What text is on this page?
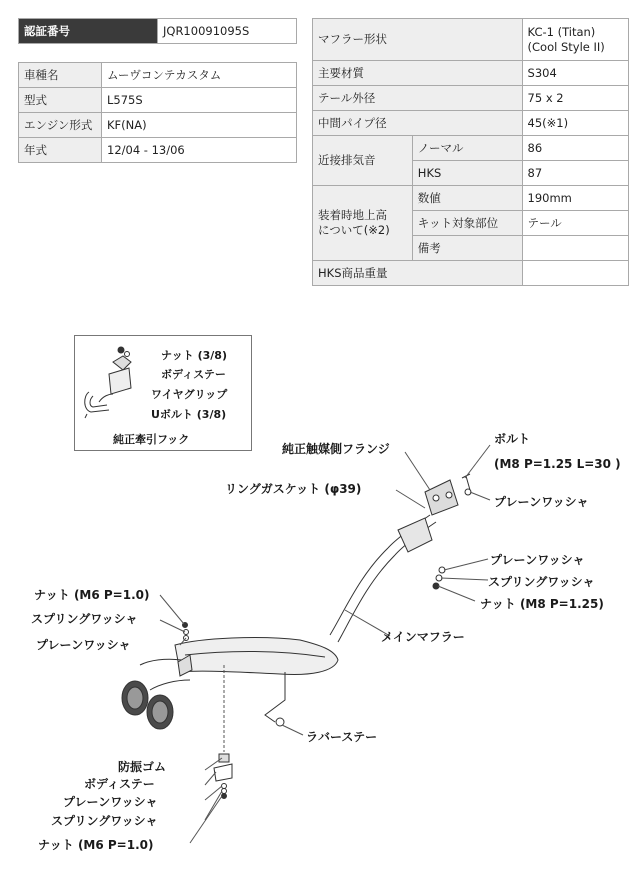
認証番号	JQR10091095S
車種名	ムーヴコンテカスタム
型式	L575S
エンジン形式	KF(NA)
年式	12/04 - 13/06
マフラー形状		KC-1 (Titan)
(Cool Style II)

主要材質		S304
テール外径		75 x 2
中間パイプ径		45(※1)
近接排気音	ノーマル	86
	HKS	87

装着時地上高
について(※2)	数値	190mm
	キット対象部位	テール
	備考	
HKS商品重量		
ナット (3/8)
ボディステー
ワイヤグリップ
Uボルト (3/8)
純正牽引フック
純正触媒側フランジ
ボルト
(M8 P=1.25 L=30 )
リングガスケット (φ39)
プレーンワッシャ
プレーンワッシャ
スプリングワッシャ
ナット (M8 P=1.25)
メインマフラー
ナット (M6 P=1.0)
スプリングワッシャ
プレーンワッシャ
ラバーステー
防振ゴム
ボディステー
プレーンワッシャ
スプリングワッシャ
ナット (M6 P=1.0)
